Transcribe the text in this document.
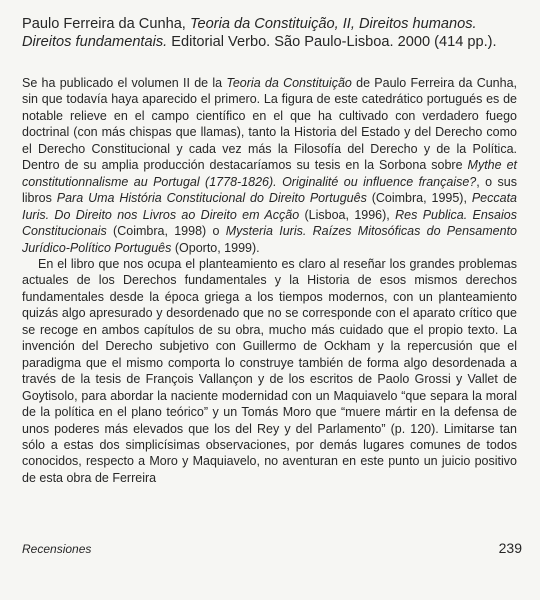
Paulo Ferreira da Cunha, Teoria da Constituição, II, Direitos humanos. Direitos fundamentais. Editorial Verbo. São Paulo-Lisboa. 2000 (414 pp.).

Se ha publicado el volumen II de la Teoria da Constituição de Paulo Ferreira da Cunha, sin que todavía haya aparecido el primero. La figura de este catedrático portugués es de notable relieve en el campo científico en el que ha cultivado con verdadero fuego doctrinal (con más chispas que llamas), tanto la Historia del Estado y del Derecho como el Derecho Constitucional y cada vez más la Filosofía del Derecho y de la Política. Dentro de su amplia producción destacaríamos su tesis en la Sorbona sobre Mythe et constitutionnalisme au Portugal (1778-1826). Originalité ou influence française?, o sus libros Para Uma História Constitucional do Direito Português (Coimbra, 1995), Peccata Iuris. Do Direito nos Livros ao Direito em Acção (Lisboa, 1996), Res Publica. Ensaios Constitucionais (Coimbra, 1998) o Mysteria Iuris. Raízes Mitosóficas do Pensamento Jurídico-Político Português (Oporto, 1999).

En el libro que nos ocupa el planteamiento es claro al reseñar los grandes problemas actuales de los Derechos fundamentales y la Historia de esos mismos derechos fundamentales desde la época griega a los tiempos modernos, con un planteamiento quizás algo apresurado y desordenado que no se corresponde con el aparato crítico que se recoge en ambos capítulos de su obra, mucho más cuidado que el propio texto. La invención del Derecho subjetivo con Guillermo de Ockham y la repercusión que el paradigma que el mismo comporta lo construye también de forma algo desordenada a través de la tesis de François Vallançon y de los escritos de Paolo Grossi y Vallet de Goytisolo, para abordar la naciente modernidad con un Maquiavelo “que separa la moral de la política en el plano teórico” y un Tomás Moro que “muere mártir en la defensa de unos poderes más elevados que los del Rey y del Parlamento” (p. 120). Limitarse tan sólo a estas dos simplicísimas observaciones, por demás lugares comunes de todos conocidos, respecto a Moro y Maquiavelo, no aventuran en este punto un juicio positivo de esta obra de Ferreira

Recensiones	239
